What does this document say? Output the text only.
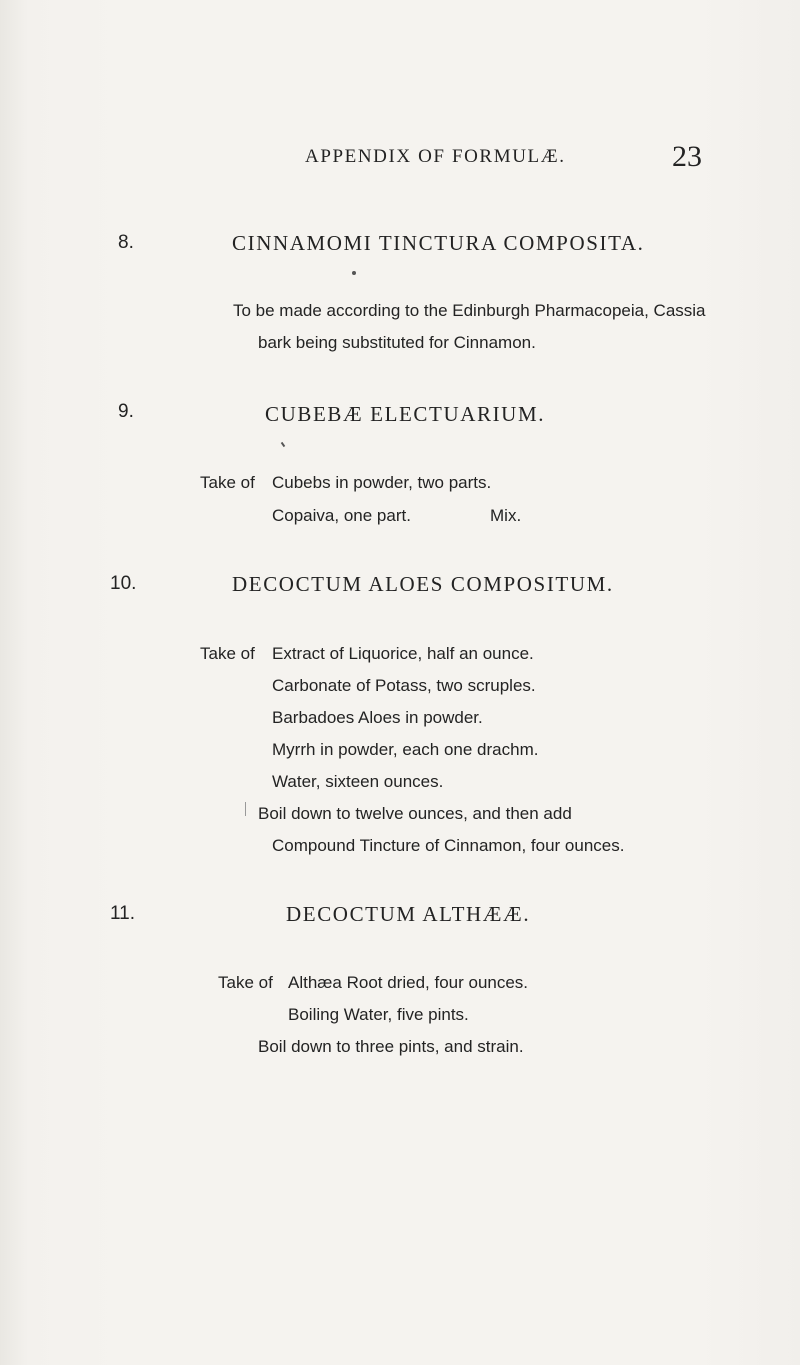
APPENDIX OF FORMULÆ.	23
8.	CINNAMOMI TINCTURA COMPOSITA.
To be made according to the Edinburgh Pharmacopeia, Cassia
bark being substituted for Cinnamon.
9.	CUBEBÆ ELECTUARIUM.
Take of Cubebs in powder, two parts.
Copaiva, one part.	Mix.
10.	DECOCTUM ALOES COMPOSITUM.
Take of Extract of Liquorice, half an ounce.
Carbonate of Potass, two scruples.
Barbadoes Aloes in powder.
Myrrh in powder, each one drachm.
Water, sixteen ounces.
Boil down to twelve ounces, and then add
Compound Tincture of Cinnamon, four ounces.
11.	DECOCTUM ALTHÆÆ.
Take of Althæa Root dried, four ounces.
Boiling Water, five pints.
Boil down to three pints, and strain.
